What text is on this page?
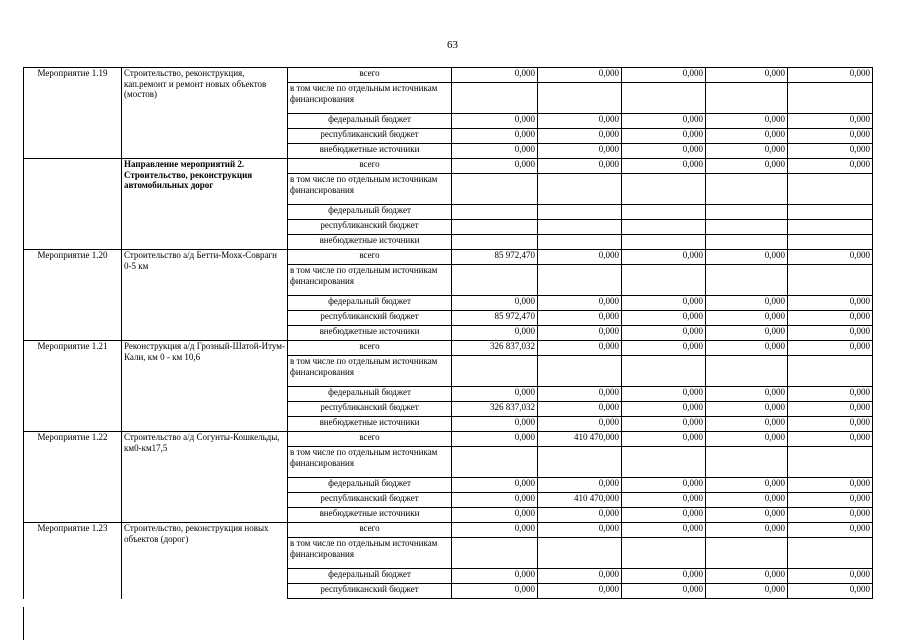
63
Мероприятие 1.19	Строительство, реконструкция, кап.ремонт и ремонт новых объектов (мостов)	всего	0,000	0,000	0,000	0,000	0,000
		в том числе по отдельным источникам финансирования					
		федеральный бюджет	0,000	0,000	0,000	0,000	0,000
		республиканский бюджет	0,000	0,000	0,000	0,000	0,000
		внебюджетные источники	0,000	0,000	0,000	0,000	0,000
	Направление мероприятий 2. Строительство, реконструкция автомобильных дорог	всего	0,000	0,000	0,000	0,000	0,000
		в том числе по отдельным источникам финансирования					
		федеральный бюджет					
		республиканский бюджет					
		внебюджетные источники					
Мероприятие 1.20	Строительство а/д Бетти-Мохк-Соврагн 0-5 км	всего	85 972,470	0,000	0,000	0,000	0,000
		в том числе по отдельным источникам финансирования					
		федеральный бюджет	0,000	0,000	0,000	0,000	0,000
		республиканский бюджет	85 972,470	0,000	0,000	0,000	0,000
		внебюджетные источники	0,000	0,000	0,000	0,000	0,000
Мероприятие 1.21	Реконструкция а/д Грозный-Шатой-Итум-Кали, км 0 - км 10,6	всего	326 837,032	0,000	0,000	0,000	0,000
		в том числе по отдельным источникам финансирования					
		федеральный бюджет	0,000	0,000	0,000	0,000	0,000
		республиканский бюджет	326 837,032	0,000	0,000	0,000	0,000
		внебюджетные источники	0,000	0,000	0,000	0,000	0,000
Мероприятие 1.22	Строительство а/д Согунты-Кошкельды, км0-км17,5	всего	0,000	410 470,000	0,000	0,000	0,000
		в том числе по отдельным источникам финансирования					
		федеральный бюджет	0,000	0,000	0,000	0,000	0,000
		республиканский бюджет	0,000	410 470,000	0,000	0,000	0,000
		внебюджетные источники	0,000	0,000	0,000	0,000	0,000
Мероприятие 1.23	Строительство, реконструкция новых объектов (дорог)	всего	0,000	0,000	0,000	0,000	0,000
		в том числе по отдельным источникам финансирования					
		федеральный бюджет	0,000	0,000	0,000	0,000	0,000
		республиканский бюджет	0,000	0,000	0,000	0,000	0,000
